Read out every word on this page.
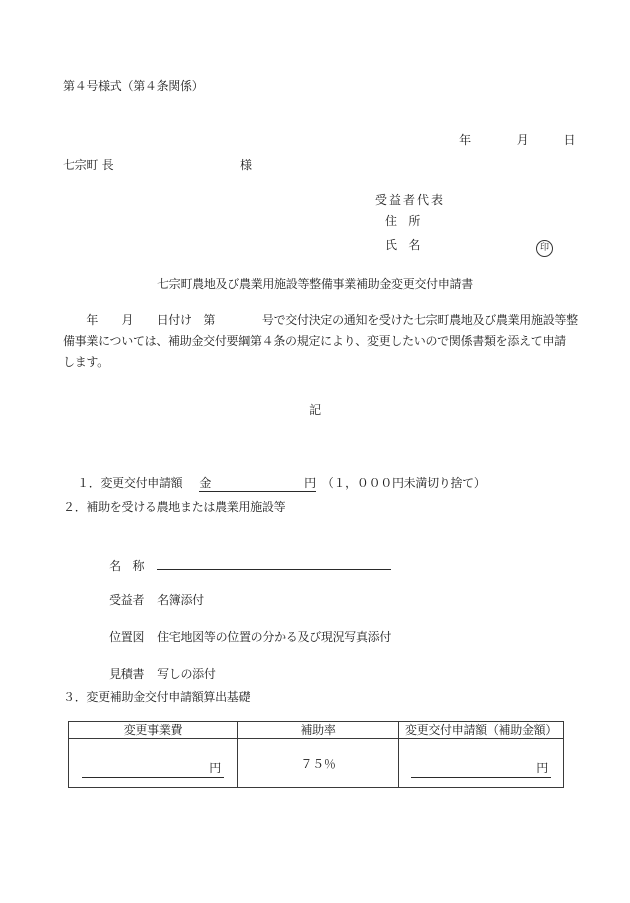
第４号様式（第４条関係）

年	月	日

七宗町 長	様
受益者代表
住　所
氏　名	印
七宗町農地及び農業用施設等整備事業補助金変更交付申請書
　　年　　月　　日付け　第　　　　号で交付決定の通知を受けた七宗町農地及び農業用施設等整
備事業については、補助金交付要綱第４条の規定により、変更したいので関係書類を添えて申請
します。
記

１．変更交付申請額 金	円 （１，０００円未満切り捨て）

２．補助を受ける農地または農業用施設等

名　称

受益者 名簿添付

位置図 住宅地図等の位置の分かる及び現況写真添付

見積書 写しの添付

３．変更補助金交付申請額算出基礎
変更事業費	補助率	変更交付申請額（補助金額）

円	７５％	円
